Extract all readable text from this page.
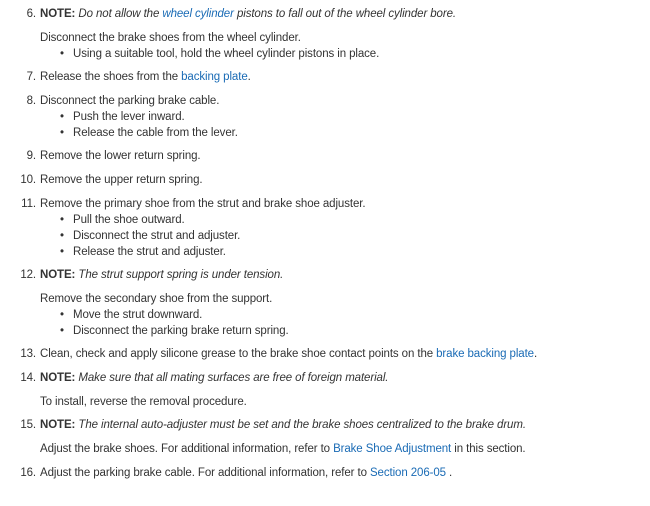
6. NOTE: Do not allow the wheel cylinder pistons to fall out of the wheel cylinder bore.
Disconnect the brake shoes from the wheel cylinder.
• Using a suitable tool, hold the wheel cylinder pistons in place.
7. Release the shoes from the backing plate.
8. Disconnect the parking brake cable.
• Push the lever inward.
• Release the cable from the lever.
9. Remove the lower return spring.
10. Remove the upper return spring.
11. Remove the primary shoe from the strut and brake shoe adjuster.
• Pull the shoe outward.
• Disconnect the strut and adjuster.
• Release the strut and adjuster.
12. NOTE: The strut support spring is under tension.
Remove the secondary shoe from the support.
• Move the strut downward.
• Disconnect the parking brake return spring.
13. Clean, check and apply silicone grease to the brake shoe contact points on the brake backing plate.
14. NOTE: Make sure that all mating surfaces are free of foreign material.
To install, reverse the removal procedure.
15. NOTE: The internal auto-adjuster must be set and the brake shoes centralized to the brake drum.
Adjust the brake shoes. For additional information, refer to Brake Shoe Adjustment in this section.
16. Adjust the parking brake cable. For additional information, refer to Section 206-05 .
